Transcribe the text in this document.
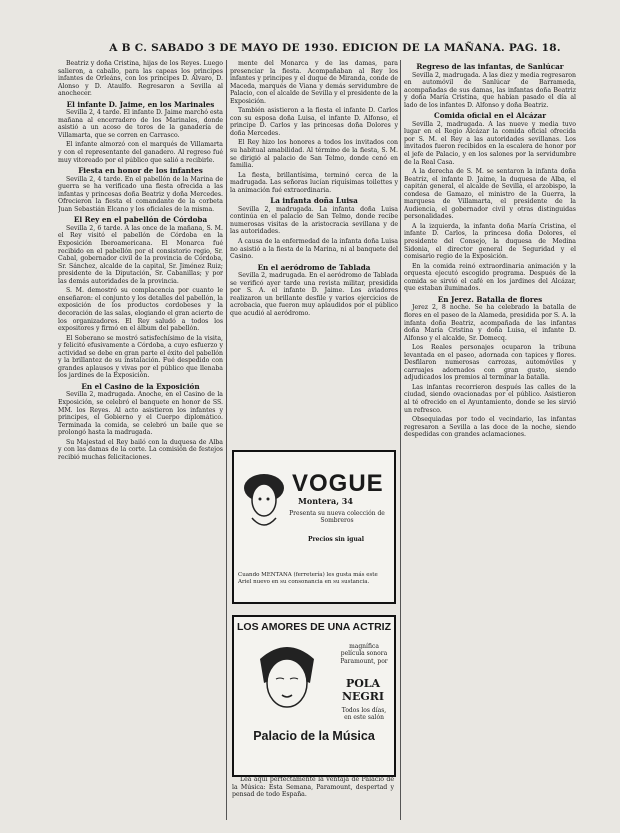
A B C. SABADO 3 DE MAYO DE 1930. EDICION DE LA MAÑANA. PAG. 18.

Beatriz y doña Cristina, hijas de los Reyes. Luego salieron, a caballo, para las capeas los principes infantes de Orleáns, con los principes D. Alvaro, D. Alonso y D. Ataulfo. Regresaron a Sevilla al anochecer.

El infante D. Jaime, en los Marinales

Sevilla 2, 4 tarde. El infante D. Jaime marchó esta mañana al encerradero de los Marinales, donde asistió a un acoso de toros de la ganadería de Villamarta, que se corren en Carrasco.

El infante almorzó con el marqués de Villamarta y con el representante del ganadero. Al regreso fué muy vitoreado por el público que salió a recibirle.

Fiesta en honor de los infantes

Sevilla 2, 4 tarde. En el pabellón de la Marina de guerra se ha verificado una fiesta ofrecida a las infantas y princesas doña Beatriz y doña Mercedes. Ofrecieron la fiesta el comandante de la corbeta Juan Sebastián Elcano y los oficiales de la misma.

El Rey en el pabellón de Córdoba

Sevilla 2, 6 tarde. A las once de la mañana, S. M. el Rey visitó el pabellón de Córdoba en la Exposición Iberoamericana. El Monarca fué recibido en el pabellón por el consistorio regio, Sr. Cabal, gobernador civil de la provincia de Córdoba, Sr. Sánchez, alcalde de la capital, Sr. Jiménez Ruiz; presidente de la Diputación, Sr. Cabanillas; y por las demás autoridades de la provincia.

S. M. demostró su complacencia por cuanto le enseñaron: el conjunto y los detalles del pabellón, la exposición de los productos cordobeses y la decoración de las salas, elogiando el gran acierto de los organizadores. El Rey saludó a todos los expositores y firmó en el álbum del pabellón.

El Soberano se mostró satisfechísimo de la visita, y felicitó efusivamente a Córdoba, a cuyo esfuerzo y actividad se debe en gran parte el éxito del pabellón y la brillantez de su instalación. Fué despedido con grandes aplausos y vivas por el público que llenaba los jardines de la Exposición.

En el Casino de la Exposición

Sevilla 2, madrugada. Anoche, en el Casino de la Exposición, se celebró el banquete en honor de SS. MM. los Reyes. Al acto asistieron los infantes y principes, el Gobierno y el Cuerpo diplomático. Terminada la comida, se celebró un baile que se prolongó hasta la madrugada.

Su Majestad el Rey bailó con la duquesa de Alba y con las damas de la corte. La comisión de festejos recibió muchas felicitaciones.

mente del Monarca y de las damas, para presenciar la fiesta. Acompañaban al Rey los infantes y principes y el duque de Miranda, conde de Maceda, marqués de Viana y demás servidumbre de Palacio, con el alcalde de Sevilla y el presidente de la Exposición.

También asistieron a la fiesta el infante D. Carlos con su esposa doña Luisa, el infante D. Alfonso, el principe D. Carlos y las princesas doña Dolores y doña Mercedes.

El Rey hizo los honores a todos los invitados con su habitual amabilidad. Al término de la fiesta, S. M. se dirigió al palacio de San Telmo, donde cenó en familia.

La fiesta, brillantísima, terminó cerca de la madrugada. Las señoras lucían riquísimas toilettes y la animación fué extraordinaria.

La infanta doña Luisa

Sevilla 2, madrugada. La infanta doña Luisa continúa en el palacio de San Telmo, donde recibe numerosas visitas de la aristocracia sevillana y de las autoridades.

A causa de la enfermedad de la infanta doña Luisa no asistió a la fiesta de la Marina, ni al banquete del Casino.

En el aeródromo de Tablada

Sevilla 2, madrugada. En el aeródromo de Tablada se verificó ayer tarde una revista militar, presidida por S. A. el infante D. Jaime. Los aviadores realizaron un brillante desfile y varios ejercicios de acrobacia, que fueron muy aplaudidos por el público que acudió al aeródromo.

VOGUE
Montera, 34
Presenta su nueva colección de Sombreros
Precios sin igual
Cuando MENTANA (ferretería) les gusta más este Ariel nuevo en su consonancia en su sustancia.
LOS AMORES DE UNA ACTRIZ
magnífica película sonora Paramount, por
POLA NEGRI
Todos los días, en este salón
Palacio de la Música

Lea aquí perfectamente la ventaja de Palacio de la Música: Esta Semana, Paramount, despertad y pensad de todo España.

Regreso de las infantas, de Sanlúcar

Sevilla 2, madrugada. A las diez y media regresaron en automóvil de Sanlúcar de Barrameda, acompañadas de sus damas, las infantas doña Beatriz y doña María Cristina, que habían pasado el día al lado de los infantes D. Alfonso y doña Beatriz.

Comida oficial en el Alcázar

Sevilla 2, madrugada. A las nueve y media tuvo lugar en el Regio Alcázar la comida oficial ofrecida por S. M. el Rey a las autoridades sevillanas. Los invitados fueron recibidos en la escalera de honor por el jefe de Palacio, y en los salones por la servidumbre de la Real Casa.

A la derecha de S. M. se sentaron la infanta doña Beatriz, el infante D. Jaime, la duquesa de Alba, el capitán general, el alcalde de Sevilla, el arzobispo, la condesa de Gamazo, el ministro de la Guerra, la marquesa de Villamarta, el presidente de la Audiencia, el gobernador civil y otras distinguidas personalidades.

A la izquierda, la infanta doña María Cristina, el infante D. Carlos, la princesa doña Dolores, el presidente del Consejo, la duquesa de Medina Sidonia, el director general de Seguridad y el comisario regio de la Exposición.

En la comida reinó extraordinaria animación y la orquesta ejecutó escogido programa. Después de la comida se sirvió el café en los jardines del Alcázar, que estaban iluminados.

En Jerez. Batalla de flores

Jerez 2, 8 noche. Se ha celebrado la batalla de flores en el paseo de la Alameda, presidida por S. A. la infanta doña Beatriz, acompañada de las infantas doña María Cristina y doña Luisa, el infante D. Alfonso y el alcalde, Sr. Domecq.

Los Reales personajes ocuparon la tribuna levantada en el paseo, adornada con tapices y flores. Desfilaron numerosas carrozas, automóviles y carruajes adornados con gran gusto, siendo adjudicados los premios al terminar la batalla.

Las infantas recorrieron después las calles de la ciudad, siendo ovacionadas por el público. Asistieron al té ofrecido en el Ayuntamiento, donde se les sirvió un refresco.

Obsequiadas por todo el vecindario, las infantas regresaron a Sevilla a las doce de la noche, siendo despedidas con grandes aclamaciones.
